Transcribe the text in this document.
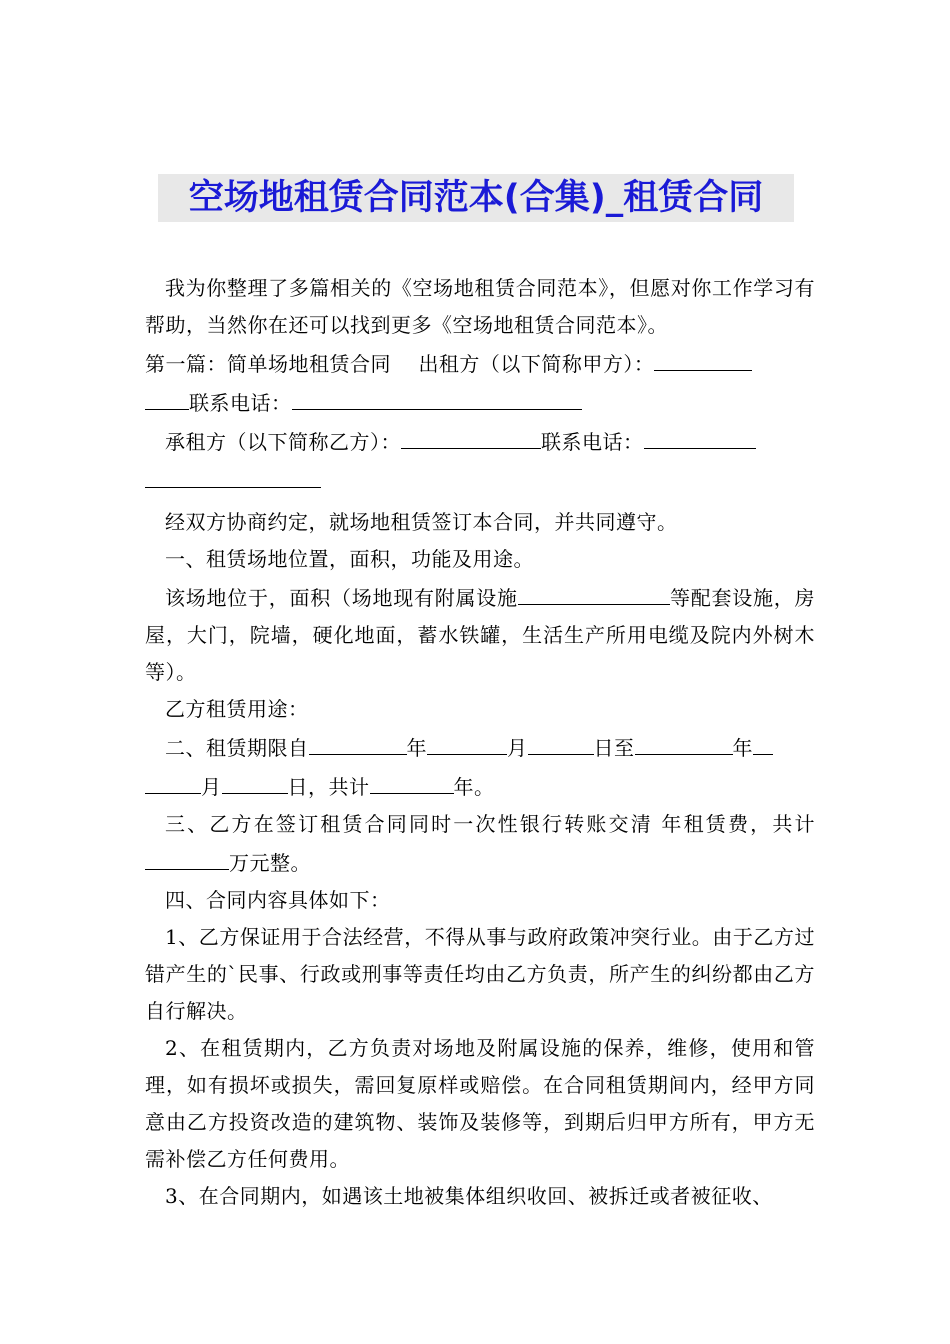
空场地租赁合同范本(合集)_租赁合同

我为你整理了多篇相关的《空场地租赁合同范本》，但愿对你工作学习有帮助，当然你在还可以找到更多《空场地租赁合同范本》。

第一篇：简单场地租赁合同 出租方（以下简称甲方）：
联系电话：

承租方（以下简称乙方）：	联系电话：

经双方协商约定，就场地租赁签订本合同，并共同遵守。

一、租赁场地位置，面积，功能及用途。

该场地位于，面积（场地现有附属设施	等配套设施，房屋，大门，院墙，硬化地面，蓄水铁罐，生活生产所用电缆及院内外树木等）。

乙方租赁用途：

二、租赁期限自	年	月	日至	年
月	日，共计	年。

三、乙方在签订租赁合同同时一次性银行转账交清 年租赁费，共计万元整。

四、合同内容具体如下：

1、乙方保证用于合法经营，不得从事与政府政策冲突行业。由于乙方过错产生的`民事、行政或刑事等责任均由乙方负责，所产生的纠纷都由乙方自行解决。

2、在租赁期内，乙方负责对场地及附属设施的保养，维修，使用和管理，如有损坏或损失，需回复原样或赔偿。在合同租赁期间内，经甲方同意由乙方投资改造的建筑物、装饰及装修等，到期后归甲方所有，甲方无需补偿乙方任何费用。

3、在合同期内，如遇该土地被集体组织收回、被拆迁或者被征收、
